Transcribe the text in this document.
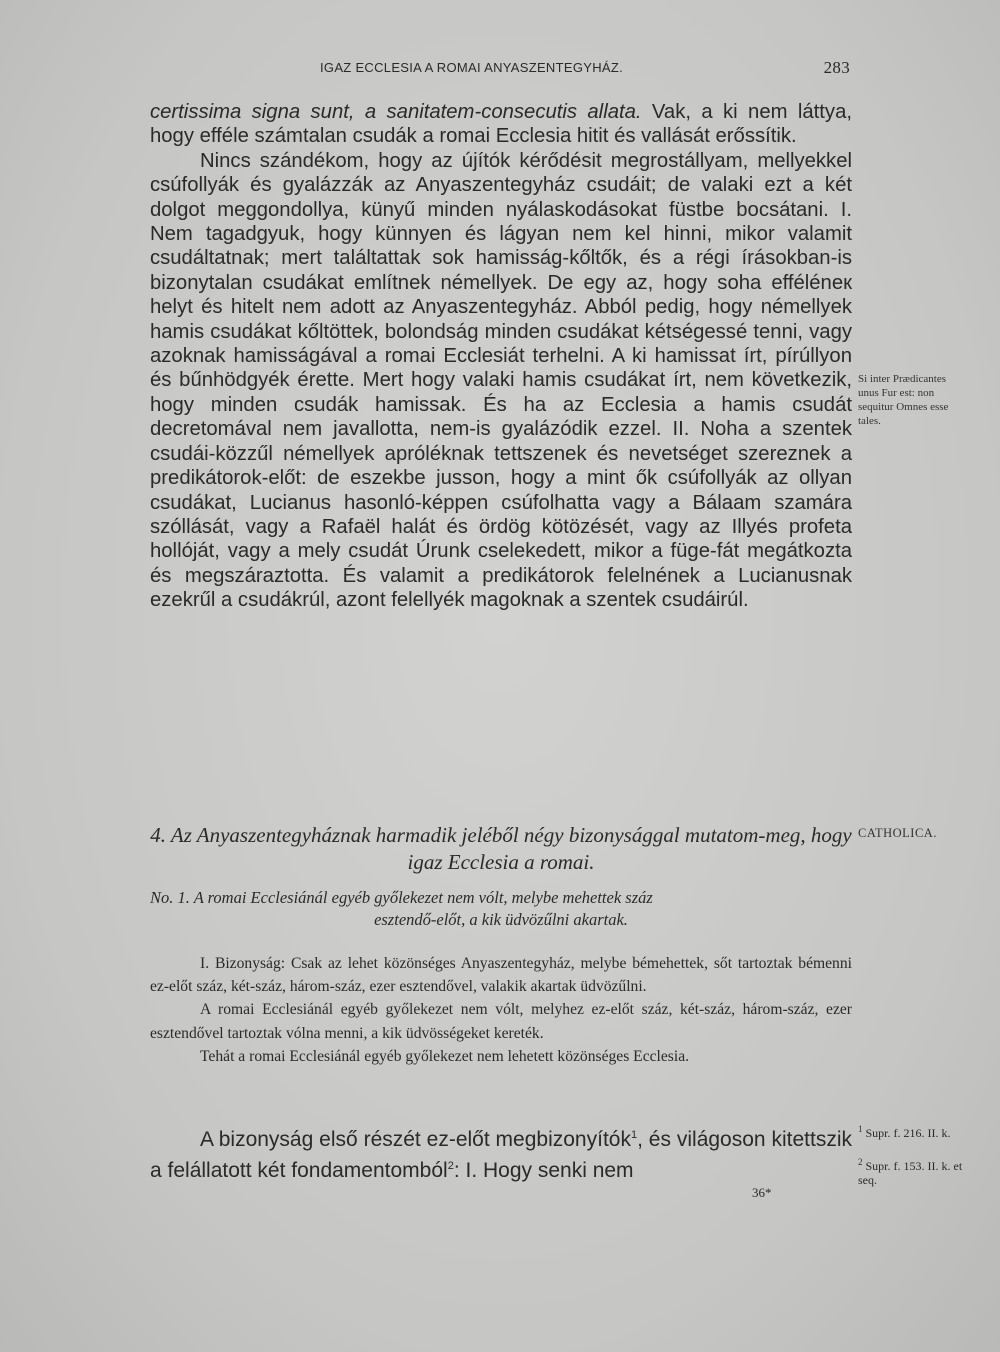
IGAZ ECCLESIA A ROMAI ANYASZENTEGYHÁZ.	283

certissima signa sunt, a sanitatem-consecutis allata. Vak, a ki nem láttya, hogy efféle számtalan csudák a romai Ecclesia hitit és vallását erőssítik.

Nincs szándékom, hogy az újítók kérődésit megrostállyam, mellyekkel csúfollyák és gyalázzák az Anyaszentegyház csudáit; de valaki ezt a két dolgot meggondollya, künyű minden nyálaskodásokat füstbe bocsátani. I. Nem tagadgyuk, hogy künnyen és lágyan nem kel hinni, mikor valamit csudáltatnak; mert találtattak sok hamisság-kőltők, és a régi írásokban-is bizonytalan csudákat említnek némellyek. De egy az, hogy soha efféléneк helyt és hitelt nem adott az Anyaszentegyház. Abból pedig, hogy némellyek hamis csudákat kőltöttek, bolondság minden csudákat kétségessé tenni, vagy azoknak hamisságával a romai Ecclesiát terhelni. A ki hamissat írt, pírúllyon és bűnhödgyék érette. Mert hogy valaki hamis csudákat írt, nem következik, hogy minden csudák hamissak. És ha az Ecclesia a hamis csudát decretomával nem javallotta, nem-is gyalázódik ezzel. II. Noha a szentek csudái-közzűl némellyek apróléknak tettszenek és nevetséget szereznek a predikátorok-előt: de eszekbe jusson, hogy a mint ők csúfollyák az ollyan csudákat, Lucianus hasonló-képpen csúfolhatta vagy a Bálaam szamára szóllását, vagy a Rafaël halát és ördög kötözését, vagy az Illyés profeta hollóját, vagy a mely csudát Úrunk cselekedett, mikor a füge-fát megátkozta és megszáraztotta. És valamit a predikátorok felelnének a Lucianusnak ezekrűl a csudákrúl, azont felellyék magoknak a szentek csudáirúl.

Si inter Prædicantes unus Fur est: non sequitur Omnes esse tales.
CATHOLICA.
4. Az Anyaszentegyháznak harmadik jeléből négy bizonysággal mutatom-meg, hogy igaz Ecclesia a romai.
No. 1. A romai Ecclesiánál egyéb győlekezet nem vólt, melybe mehettek száz
esztendő-előt, a kik üdvözűlni akartak.

I. Bizonyság: Csak az lehet közönséges Anyaszentegyház, melybe bémehettek, sőt tartoztak bémenni ez-előt száz, két-száz, három-száz, ezer esztendővel, valakik akartak üdvözűlni.

A romai Ecclesiánál egyéb győlekezet nem vólt, melyhez ez-előt száz, két-száz, három-száz, ezer esztendővel tartoztak vólna menni, a kik üdvösségeket kereték.

Tehát a romai Ecclesiánál egyéb győlekezet nem lehetett közönséges Ecclesia.

A bizonyság első részét ez-előt megbizonyítók$^1$, és világoson kitettszik a felállatott két fondamentomból$^2$: I. Hogy senki nem

36*
$^1$ Supr. f. 216. II. k.
$^2$ Supr. f. 153. II. k. et seq.
